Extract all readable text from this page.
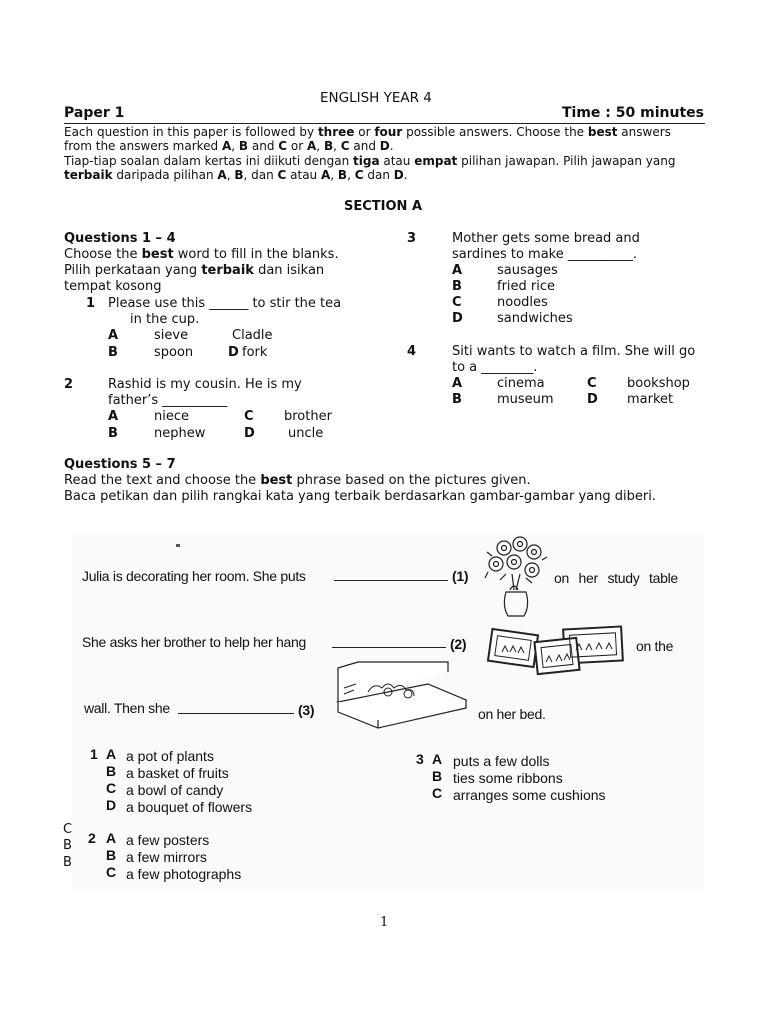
ENGLISH YEAR 4
Paper 1	Time : 50 minutes
Each question in this paper is followed by three or four possible answers. Choose the best answers
from the answers marked A, B and C or A, B, C and D.
Tiap-tiap soalan dalam kertas ini diikuti dengan tiga atau empat pilihan jawapan. Pilih jawapan yang
terbaik daripada pilihan A, B, dan C atau A, B, C dan D.
SECTION A
Questions 1 – 4
Choose the best word to fill in the blanks.
Pilih perkataan yang terbaik dan isikan
tempat kosong
1 Please use this ______ to stir the tea
in the cup.
A	sieve	Cladle
B	spoon	D fork
2	Rashid is my cousin. He is my
father’s __________
A	niece	C brother
B	nephew	D	uncle
3	Mother gets some bread and
sardines to make __________.
A	sausages
B	fried rice
C	noodles
D	sandwiches
4	Siti wants to watch a film. She will go
to a ________.
A	cinema	C bookshop
B	museum	D market
Questions 5 – 7
Read the text and choose the best phrase based on the pictures given.
Baca petikan dan pilih rangkai kata yang terbaik berdasarkan gambar-gambar yang diberi.
Julia is decorating her room. She puts	(1)	on her study table
She asks her brother to help her hang	(2)	on the
wall. Then she	(3)	on her bed.
1 A a pot of plants
B a basket of fruits
C a bowl of candy
D a bouquet of flowers
3 A puts a few dolls
B ties some ribbons
C arranges some cushions
2 A a few posters
B a few mirrors
C a few photographs
C
B
B
1
